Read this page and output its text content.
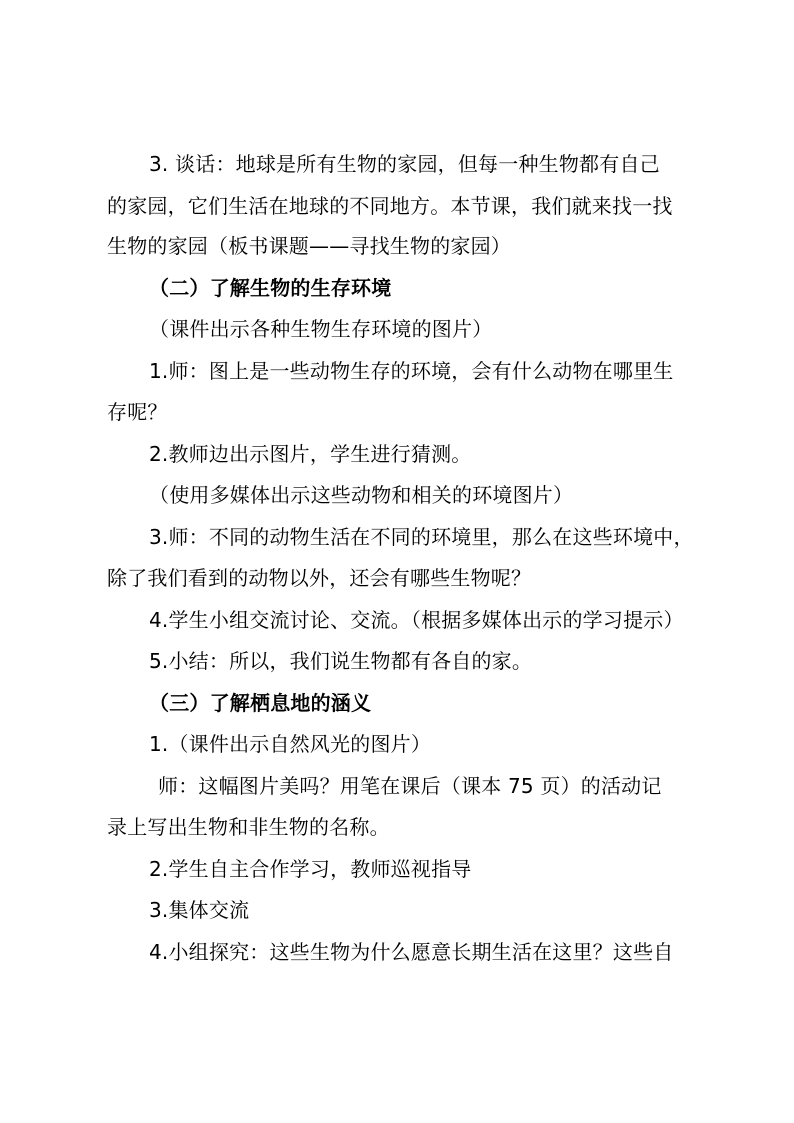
3. 谈话：地球是所有生物的家园，但每一种生物都有自己
的家园，它们生活在地球的不同地方。本节课，我们就来找一找
生物的家园（板书课题——寻找生物的家园）
（二）了解生物的生存环境
（课件出示各种生物生存环境的图片）
1.师：图上是一些动物生存的环境，会有什么动物在哪里生
存呢？
2.教师边出示图片，学生进行猜测。
（使用多媒体出示这些动物和相关的环境图片）
3.师：不同的动物生活在不同的环境里，那么在这些环境中，
除了我们看到的动物以外，还会有哪些生物呢？
4.学生小组交流讨论、交流。（根据多媒体出示的学习提示）
5.小结：所以，我们说生物都有各自的家。
（三）了解栖息地的涵义
1.（课件出示自然风光的图片）
师：这幅图片美吗？用笔在课后（课本 75 页）的活动记
录上写出生物和非生物的名称。
2.学生自主合作学习，教师巡视指导
3.集体交流
4.小组探究：这些生物为什么愿意长期生活在这里？这些自
